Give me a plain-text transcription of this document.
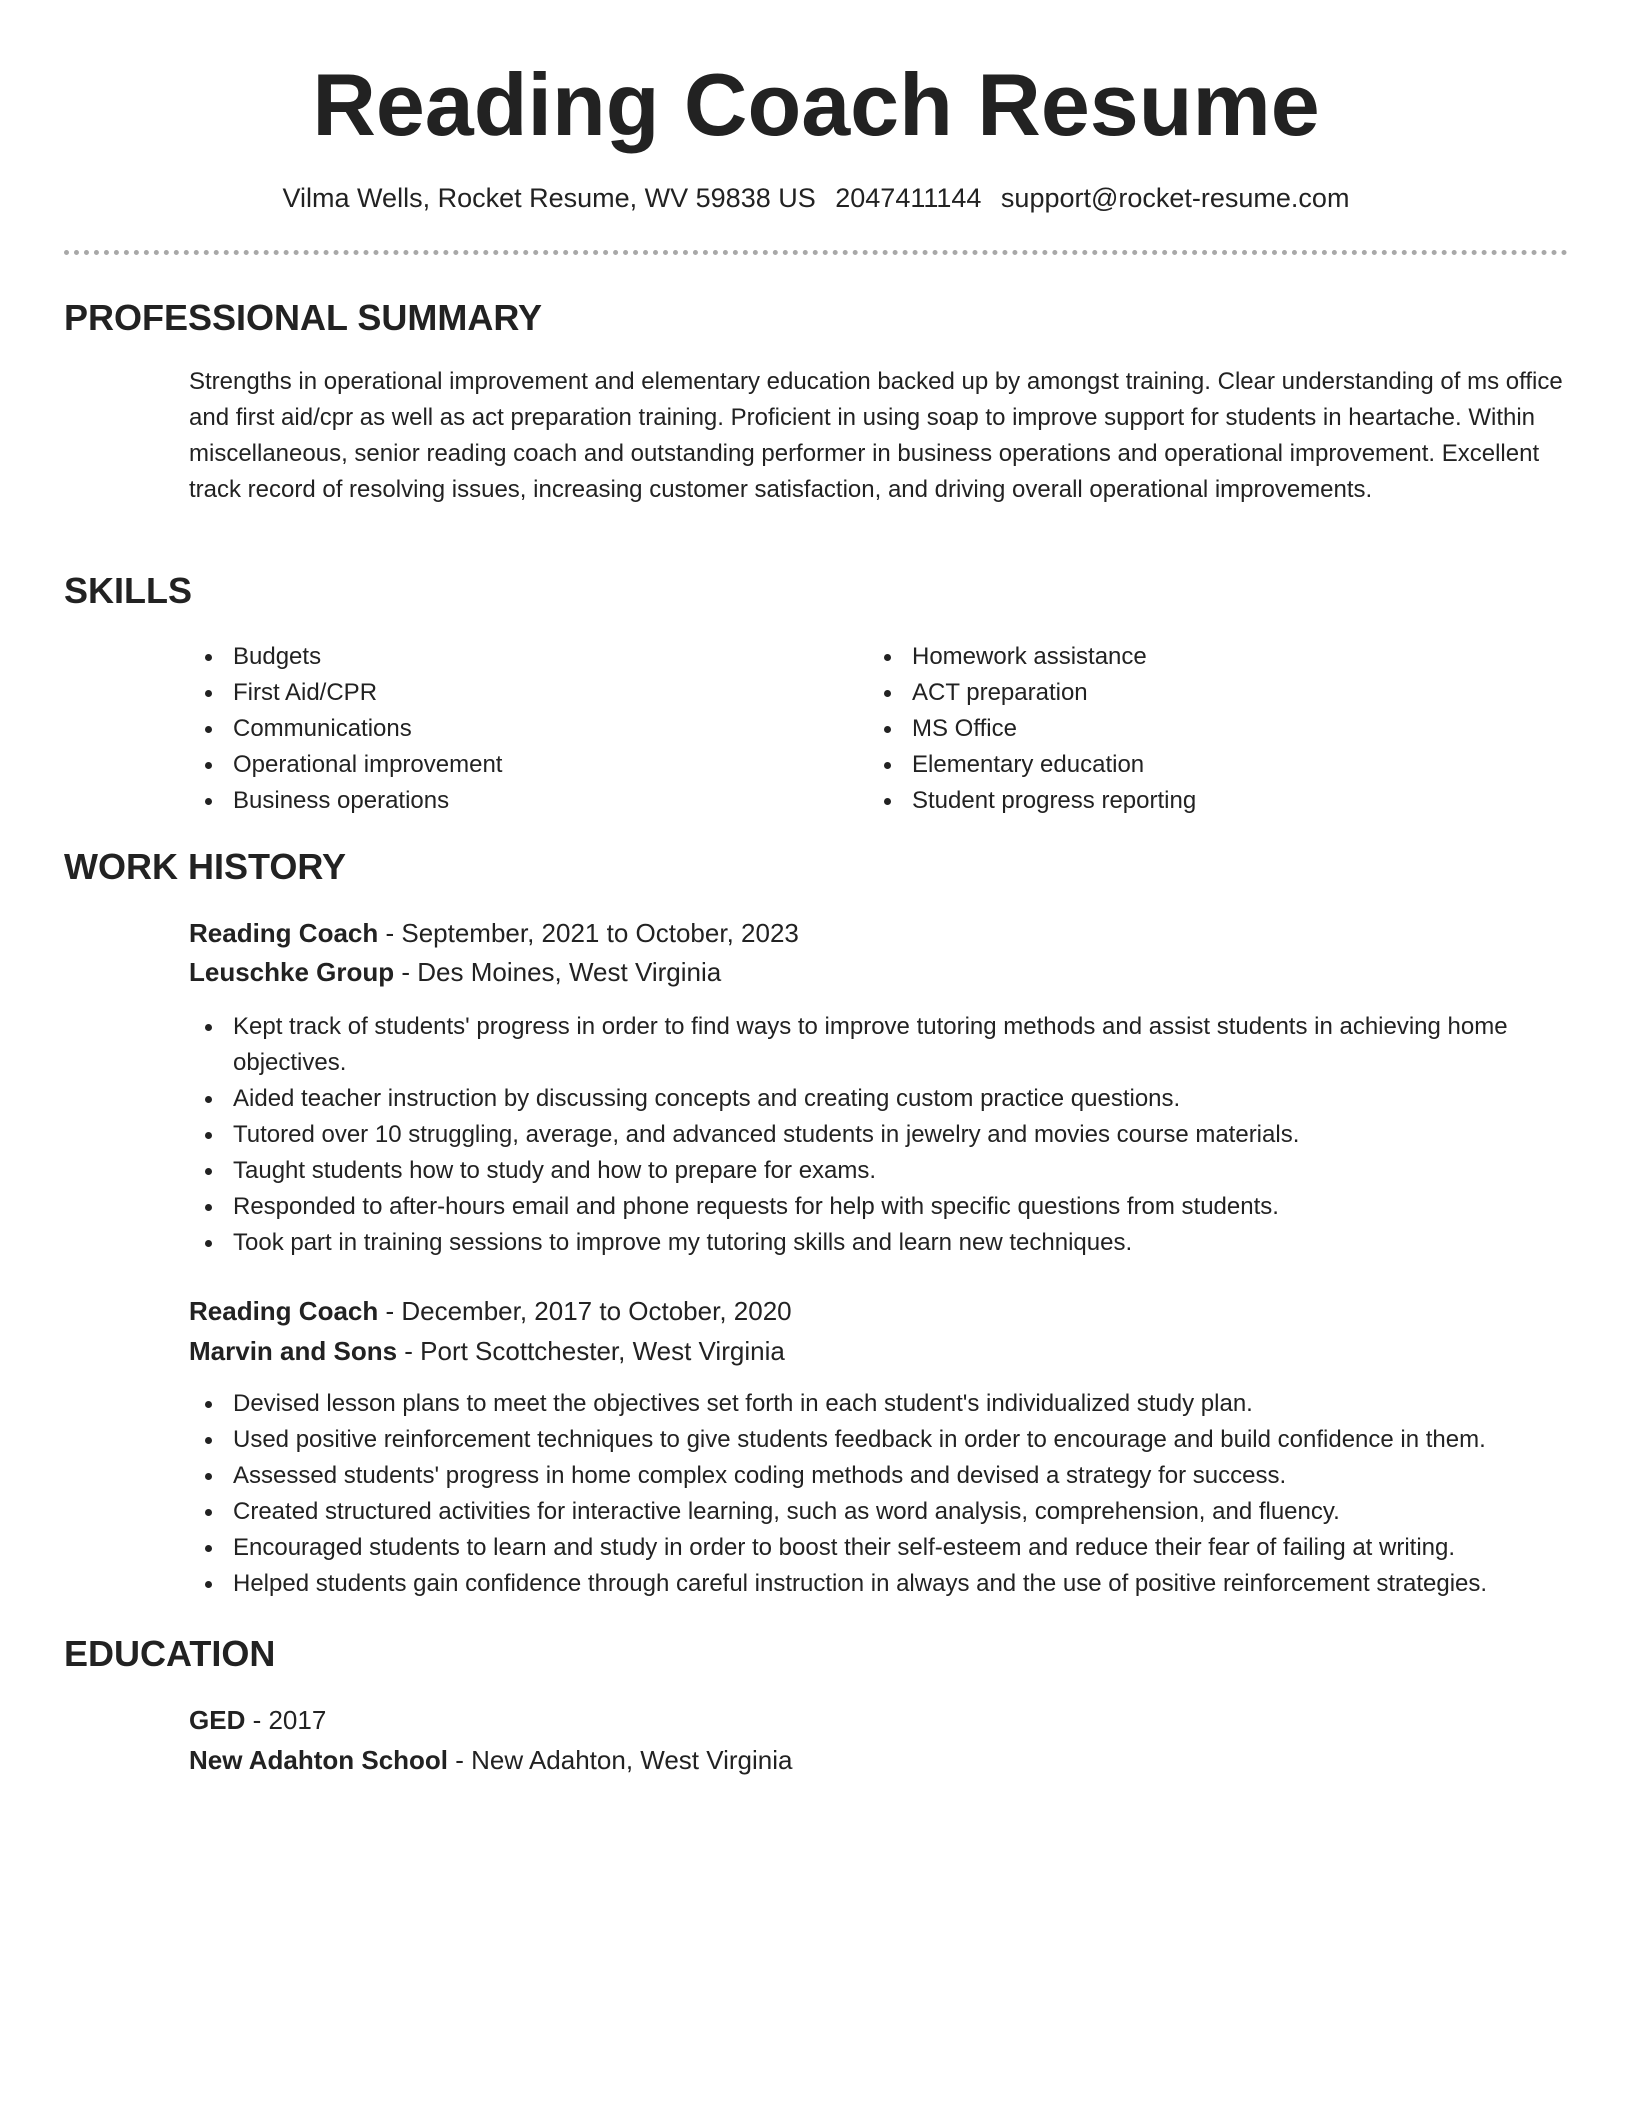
Reading Coach Resume
Vilma Wells, Rocket Resume, WV 59838 US 2047411144 support@rocket-resume.com
PROFESSIONAL SUMMARY

Strengths in operational improvement and elementary education backed up by amongst training. Clear understanding of ms office and first aid/cpr as well as act preparation training. Proficient in using soap to improve support for students in heartache. Within miscellaneous, senior reading coach and outstanding performer in business operations and operational improvement. Excellent track record of resolving issues, increasing customer satisfaction, and driving overall operational improvements.

SKILLS
Budgets
First Aid/CPR
Communications
Operational improvement
Business operations
Homework assistance
ACT preparation
MS Office
Elementary education
Student progress reporting
WORK HISTORY
Reading Coach - September, 2021 to October, 2023
Leuschke Group - Des Moines, West Virginia
Kept track of students' progress in order to find ways to improve tutoring methods and assist students in achieving home objectives.
Aided teacher instruction by discussing concepts and creating custom practice questions.
Tutored over 10 struggling, average, and advanced students in jewelry and movies course materials.
Taught students how to study and how to prepare for exams.
Responded to after-hours email and phone requests for help with specific questions from students.
Took part in training sessions to improve my tutoring skills and learn new techniques.
Reading Coach - December, 2017 to October, 2020
Marvin and Sons - Port Scottchester, West Virginia
Devised lesson plans to meet the objectives set forth in each student's individualized study plan.
Used positive reinforcement techniques to give students feedback in order to encourage and build confidence in them.
Assessed students' progress in home complex coding methods and devised a strategy for success.
Created structured activities for interactive learning, such as word analysis, comprehension, and fluency.
Encouraged students to learn and study in order to boost their self-esteem and reduce their fear of failing at writing.
Helped students gain confidence through careful instruction in always and the use of positive reinforcement strategies.
EDUCATION
GED - 2017
New Adahton School - New Adahton, West Virginia
